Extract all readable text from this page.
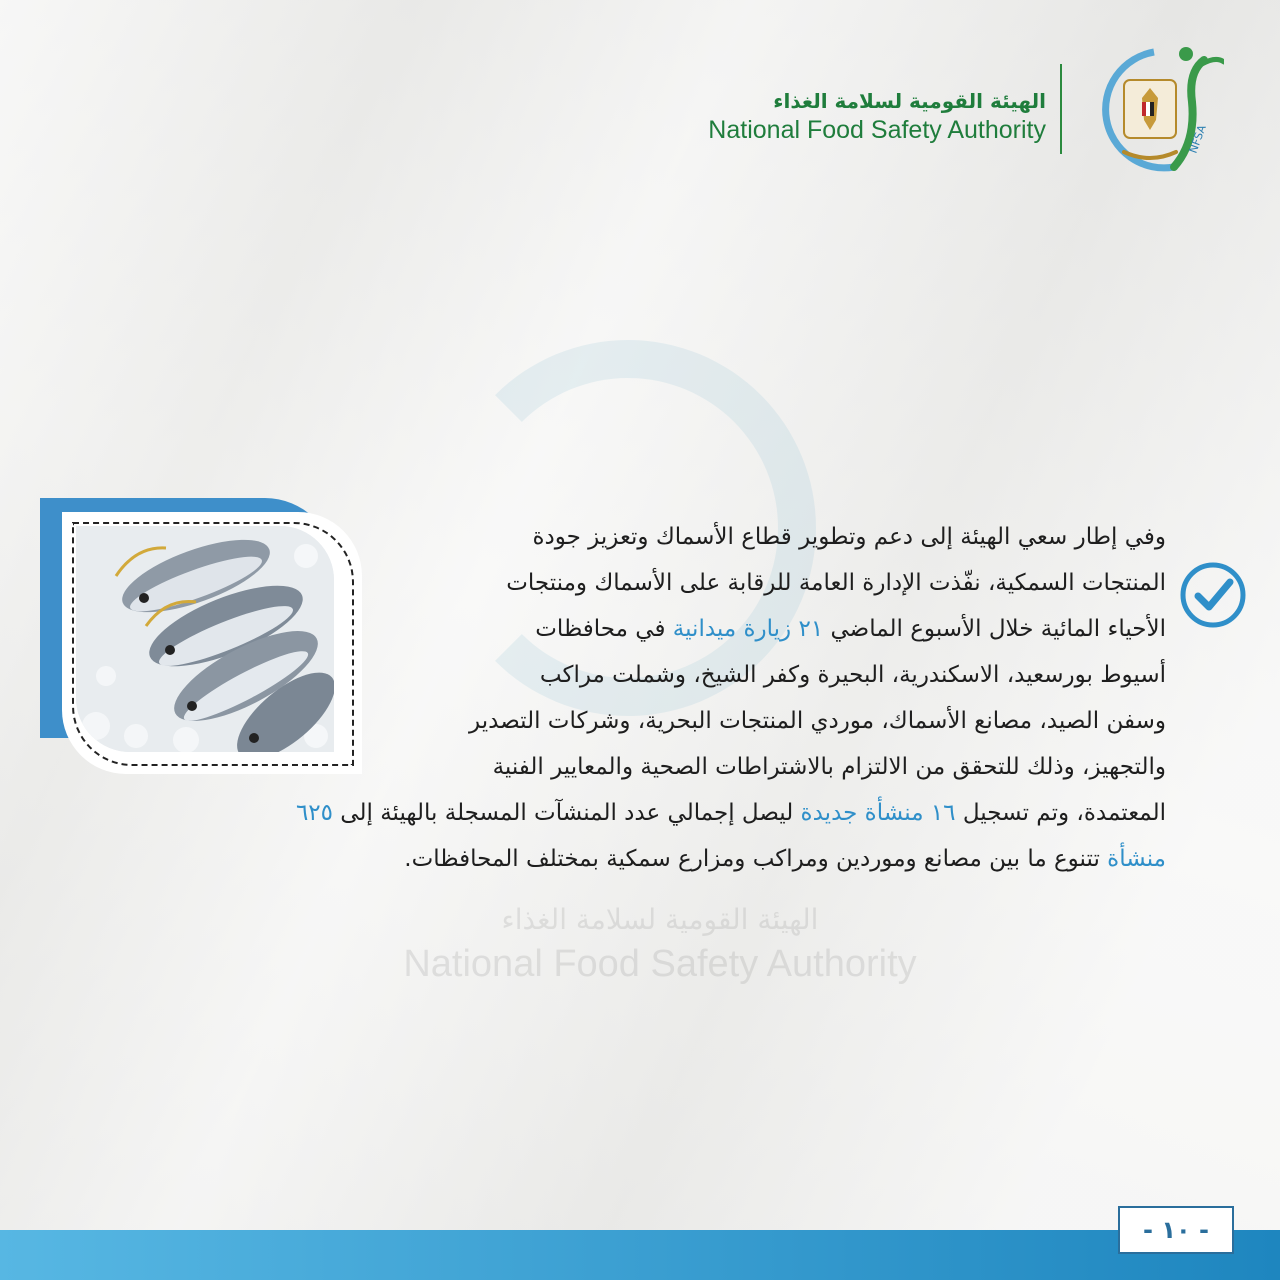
الهيئة القومية لسلامة الغذاء
National Food Safety Authority	NFSA
الهيئة القومية لسلامة الغذاء
National Food Safety Authority

وفي إطار سعي الهيئة إلى دعم وتطوير قطاع الأسماك وتعزيز جودة

المنتجات السمكية، نفّذت الإدارة العامة للرقابة على الأسماك ومنتجات

الأحياء المائية خلال الأسبوع الماضي ٢١ زيارة ميدانية في محافظات

أسيوط بورسعيد، الاسكندرية، البحيرة وكفر الشيخ، وشملت مراكب

وسفن الصيد، مصانع الأسماك، موردي المنتجات البحرية، وشركات التصدير

والتجهيز، وذلك للتحقق من الالتزام بالاشتراطات الصحية والمعايير الفنية

المعتمدة، وتم تسجيل ١٦ منشأة جديدة ليصل إجمالي عدد المنشآت المسجلة بالهيئة إلى ٦٢٥

منشأة تتنوع ما بين مصانع وموردين ومراكب ومزارع سمكية بمختلف المحافظات.

- ١٠ -
